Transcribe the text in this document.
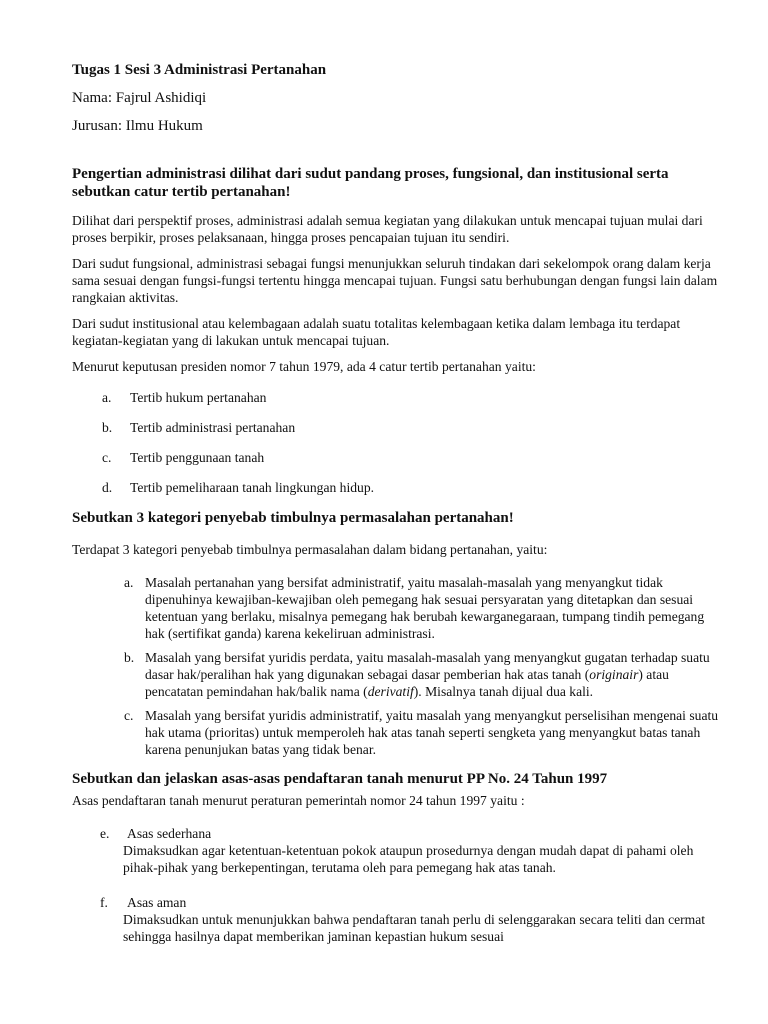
Tugas 1 Sesi 3 Administrasi Pertanahan

Nama: Fajrul Ashidiqi

Jurusan: Ilmu Hukum

Pengertian administrasi dilihat dari sudut pandang proses, fungsional, dan institusional serta sebutkan catur tertib pertanahan!

Dilihat dari perspektif proses, administrasi adalah semua kegiatan yang dilakukan untuk mencapai tujuan mulai dari proses berpikir, proses pelaksanaan, hingga proses pencapaian tujuan itu sendiri.

Dari sudut fungsional, administrasi sebagai fungsi menunjukkan seluruh tindakan dari sekelompok orang dalam kerja sama sesuai dengan fungsi-fungsi tertentu hingga mencapai tujuan. Fungsi satu berhubungan dengan fungsi lain dalam rangkaian aktivitas.

Dari sudut institusional atau kelembagaan adalah suatu totalitas kelembagaan ketika dalam lembaga itu terdapat kegiatan-kegiatan yang di lakukan untuk mencapai tujuan.

Menurut keputusan presiden nomor 7 tahun 1979, ada 4 catur tertib pertanahan yaitu:

a. Tertib hukum pertanahan
b. Tertib administrasi pertanahan
c. Tertib penggunaan tanah
d. Tertib pemeliharaan tanah lingkungan hidup.

Sebutkan 3 kategori penyebab timbulnya permasalahan pertanahan!

Terdapat 3 kategori penyebab timbulnya permasalahan dalam bidang pertanahan, yaitu:

a. Masalah pertanahan yang bersifat administratif, yaitu masalah-masalah yang menyangkut tidak dipenuhinya kewajiban-kewajiban oleh pemegang hak sesuai persyaratan yang ditetapkan dan sesuai ketentuan yang berlaku, misalnya pemegang hak berubah kewarganegaraan, tumpang tindih pemegang hak (sertifikat ganda) karena kekeliruan administrasi.
b. Masalah yang bersifat yuridis perdata, yaitu masalah-masalah yang menyangkut gugatan terhadap suatu dasar hak/peralihan hak yang digunakan sebagai dasar pemberian hak atas tanah (originair) atau pencatatan pemindahan hak/balik nama (derivatif). Misalnya tanah dijual dua kali.
c. Masalah yang bersifat yuridis administratif, yaitu masalah yang menyangkut perselisihan mengenai suatu hak utama (prioritas) untuk memperoleh hak atas tanah seperti sengketa yang menyangkut batas tanah karena penunjukan batas yang tidak benar.

Sebutkan dan jelaskan asas-asas pendaftaran tanah menurut PP No. 24 Tahun 1997

Asas pendaftaran tanah menurut peraturan pemerintah nomor 24 tahun 1997 yaitu :

e. Asas sederhana
Dimaksudkan agar ketentuan-ketentuan pokok ataupun prosedurnya dengan mudah dapat di pahami oleh pihak-pihak yang berkepentingan, terutama oleh para pemegang hak atas tanah.
f. Asas aman
Dimaksudkan untuk menunjukkan bahwa pendaftaran tanah perlu di selenggarakan secara teliti dan cermat sehingga hasilnya dapat memberikan jaminan kepastian hukum sesuai
